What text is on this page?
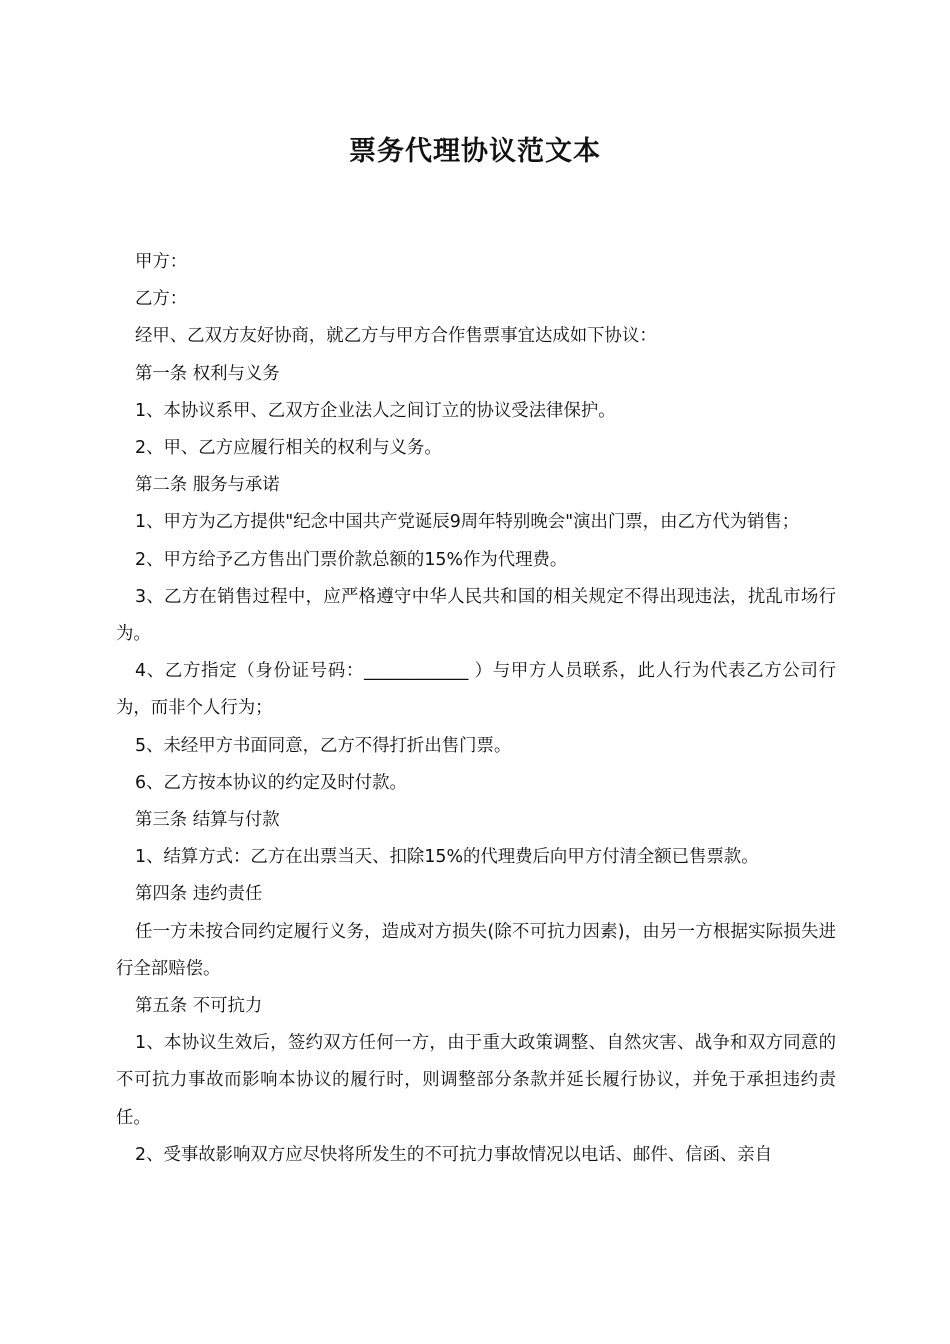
票务代理协议范文本

甲方：

乙方：

经甲、乙双方友好协商，就乙方与甲方合作售票事宜达成如下协议：

第一条 权利与义务

1、本协议系甲、乙双方企业法人之间订立的协议受法律保护。

2、甲、乙方应履行相关的权利与义务。

第二条 服务与承诺

1、甲方为乙方提供"纪念中国共产党诞辰9周年特别晚会"演出门票，由乙方代为销售；

2、甲方给予乙方售出门票价款总额的15%作为代理费。

3、乙方在销售过程中，应严格遵守中华人民共和国的相关规定不得出现违法，扰乱市场行为。

4、乙方指定（身份证号码：____________ ）与甲方人员联系，此人行为代表乙方公司行为，而非个人行为；

5、未经甲方书面同意，乙方不得打折出售门票。

6、乙方按本协议的约定及时付款。

第三条 结算与付款

1、结算方式：乙方在出票当天、扣除15%的代理费后向甲方付清全额已售票款。

第四条 违约责任

任一方未按合同约定履行义务，造成对方损失(除不可抗力因素)，由另一方根据实际损失进行全部赔偿。

第五条 不可抗力

1、本协议生效后，签约双方任何一方，由于重大政策调整、自然灾害、战争和双方同意的不可抗力事故而影响本协议的履行时，则调整部分条款并延长履行协议，并免于承担违约责任。

2、受事故影响双方应尽快将所发生的不可抗力事故情况以电话、邮件、信函、亲自
